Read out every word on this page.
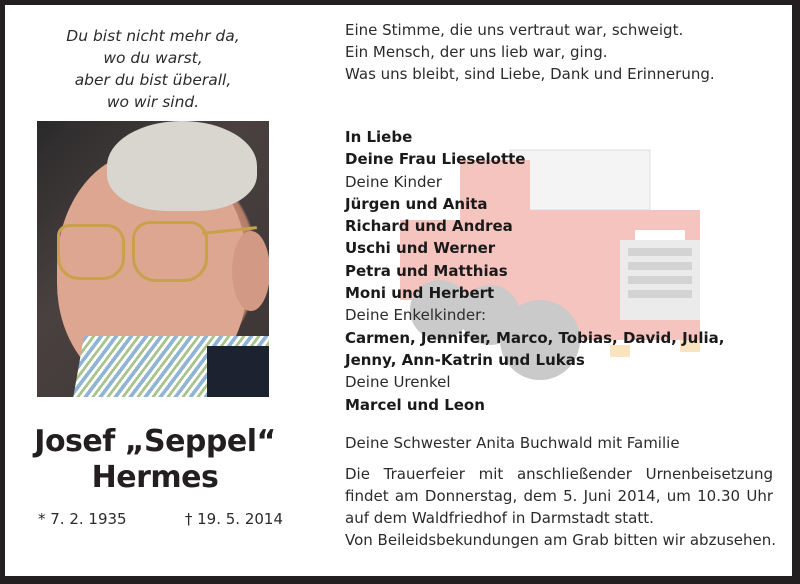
Du bist nicht mehr da,
wo du warst,
aber du bist überall,
wo wir sind.
Josef „Seppel“
Hermes
* 7. 2. 1935	† 19. 5. 2014
Eine Stimme, die uns vertraut war, schweigt.
Ein Mensch, der uns lieb war, ging.
Was uns bleibt, sind Liebe, Dank und Erinnerung.
In Liebe
Deine Frau Lieselotte
Deine Kinder
Jürgen und Anita
Richard und Andrea
Uschi und Werner
Petra und Matthias
Moni und Herbert
Deine Enkelkinder:
Carmen, Jennifer, Marco, Tobias, David, Julia,
Jenny, Ann-Katrin und Lukas
Deine Urenkel
Marcel und Leon
Deine Schwester Anita Buchwald mit Familie
Die Trauerfeier mit anschließender Urnenbeisetzung
findet am Donnerstag, dem 5. Juni 2014, um 10.30 Uhr
auf dem Waldfriedhof in Darmstadt statt.
Von Beileidsbekundungen am Grab bitten wir abzusehen.
